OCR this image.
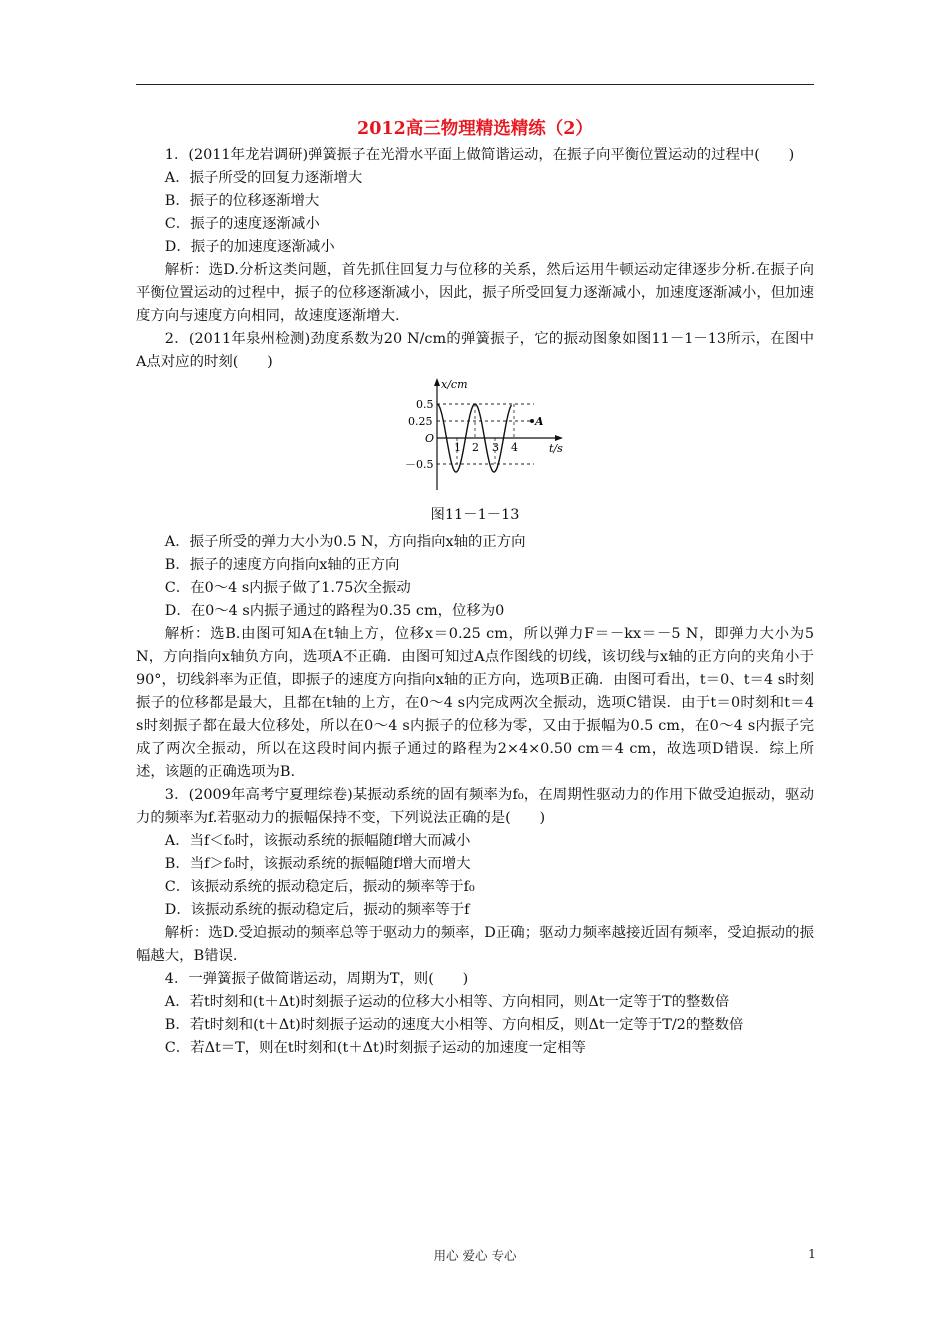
2012高三物理精选精练（2）
1．(2011年龙岩调研)弹簧振子在光滑水平面上做简谐运动，在振子向平衡位置运动的过程中(　　)
A．振子所受的回复力逐渐增大
B．振子的位移逐渐增大
C．振子的速度逐渐减小
D．振子的加速度逐渐减小
解析：选D.分析这类问题，首先抓住回复力与位移的关系，然后运用牛顿运动定律逐步分析.在振子向平衡位置运动的过程中，振子的位移逐渐减小，因此，振子所受回复力逐渐减小，加速度逐渐减小，但加速度方向与速度方向相同，故速度逐渐增大.
2．(2011年泉州检测)劲度系数为20 N/cm的弹簧振子，它的振动图象如图11－1－13所示，在图中A点对应的时刻(　　)
x/cm
t/s
0.5
0.25
O
－0.5
1 2 3 4
A
图11－1－13
A．振子所受的弹力大小为0.5 N，方向指向x轴的正方向
B．振子的速度方向指向x轴的正方向
C．在0～4 s内振子做了1.75次全振动
D．在0～4 s内振子通过的路程为0.35 cm，位移为0
解析：选B.由图可知A在t轴上方，位移x＝0.25 cm，所以弹力F＝－kx＝－5 N，即弹力大小为5 N，方向指向x轴负方向，选项A不正确．由图可知过A点作图线的切线，该切线与x轴的正方向的夹角小于90°，切线斜率为正值，即振子的速度方向指向x轴的正方向，选项B正确．由图可看出，t＝0、t＝4 s时刻振子的位移都是最大，且都在t轴的上方，在0～4 s内完成两次全振动，选项C错误．由于t＝0时刻和t＝4 s时刻振子都在最大位移处，所以在0～4 s内振子的位移为零，又由于振幅为0.5 cm，在0～4 s内振子完成了两次全振动，所以在这段时间内振子通过的路程为2×4×0.50 cm＝4 cm，故选项D错误．综上所述，该题的正确选项为B.
3．(2009年高考宁夏理综卷)某振动系统的固有频率为f₀，在周期性驱动力的作用下做受迫振动，驱动力的频率为f.若驱动力的振幅保持不变，下列说法正确的是(　　)
A．当f＜f₀时，该振动系统的振幅随f增大而减小
B．当f＞f₀时，该振动系统的振幅随f增大而增大
C．该振动系统的振动稳定后，振动的频率等于f₀
D．该振动系统的振动稳定后，振动的频率等于f
解析：选D.受迫振动的频率总等于驱动力的频率，D正确；驱动力频率越接近固有频率，受迫振动的振幅越大，B错误.
4．一弹簧振子做简谐运动，周期为T，则(　　)
A．若t时刻和(t＋Δt)时刻振子运动的位移大小相等、方向相同，则Δt一定等于T的整数倍
B．若t时刻和(t＋Δt)时刻振子运动的速度大小相等、方向相反，则Δt一定等于T/2的整数倍
C．若Δt＝T，则在t时刻和(t＋Δt)时刻振子运动的加速度一定相等
用心 爱心 专心	1
